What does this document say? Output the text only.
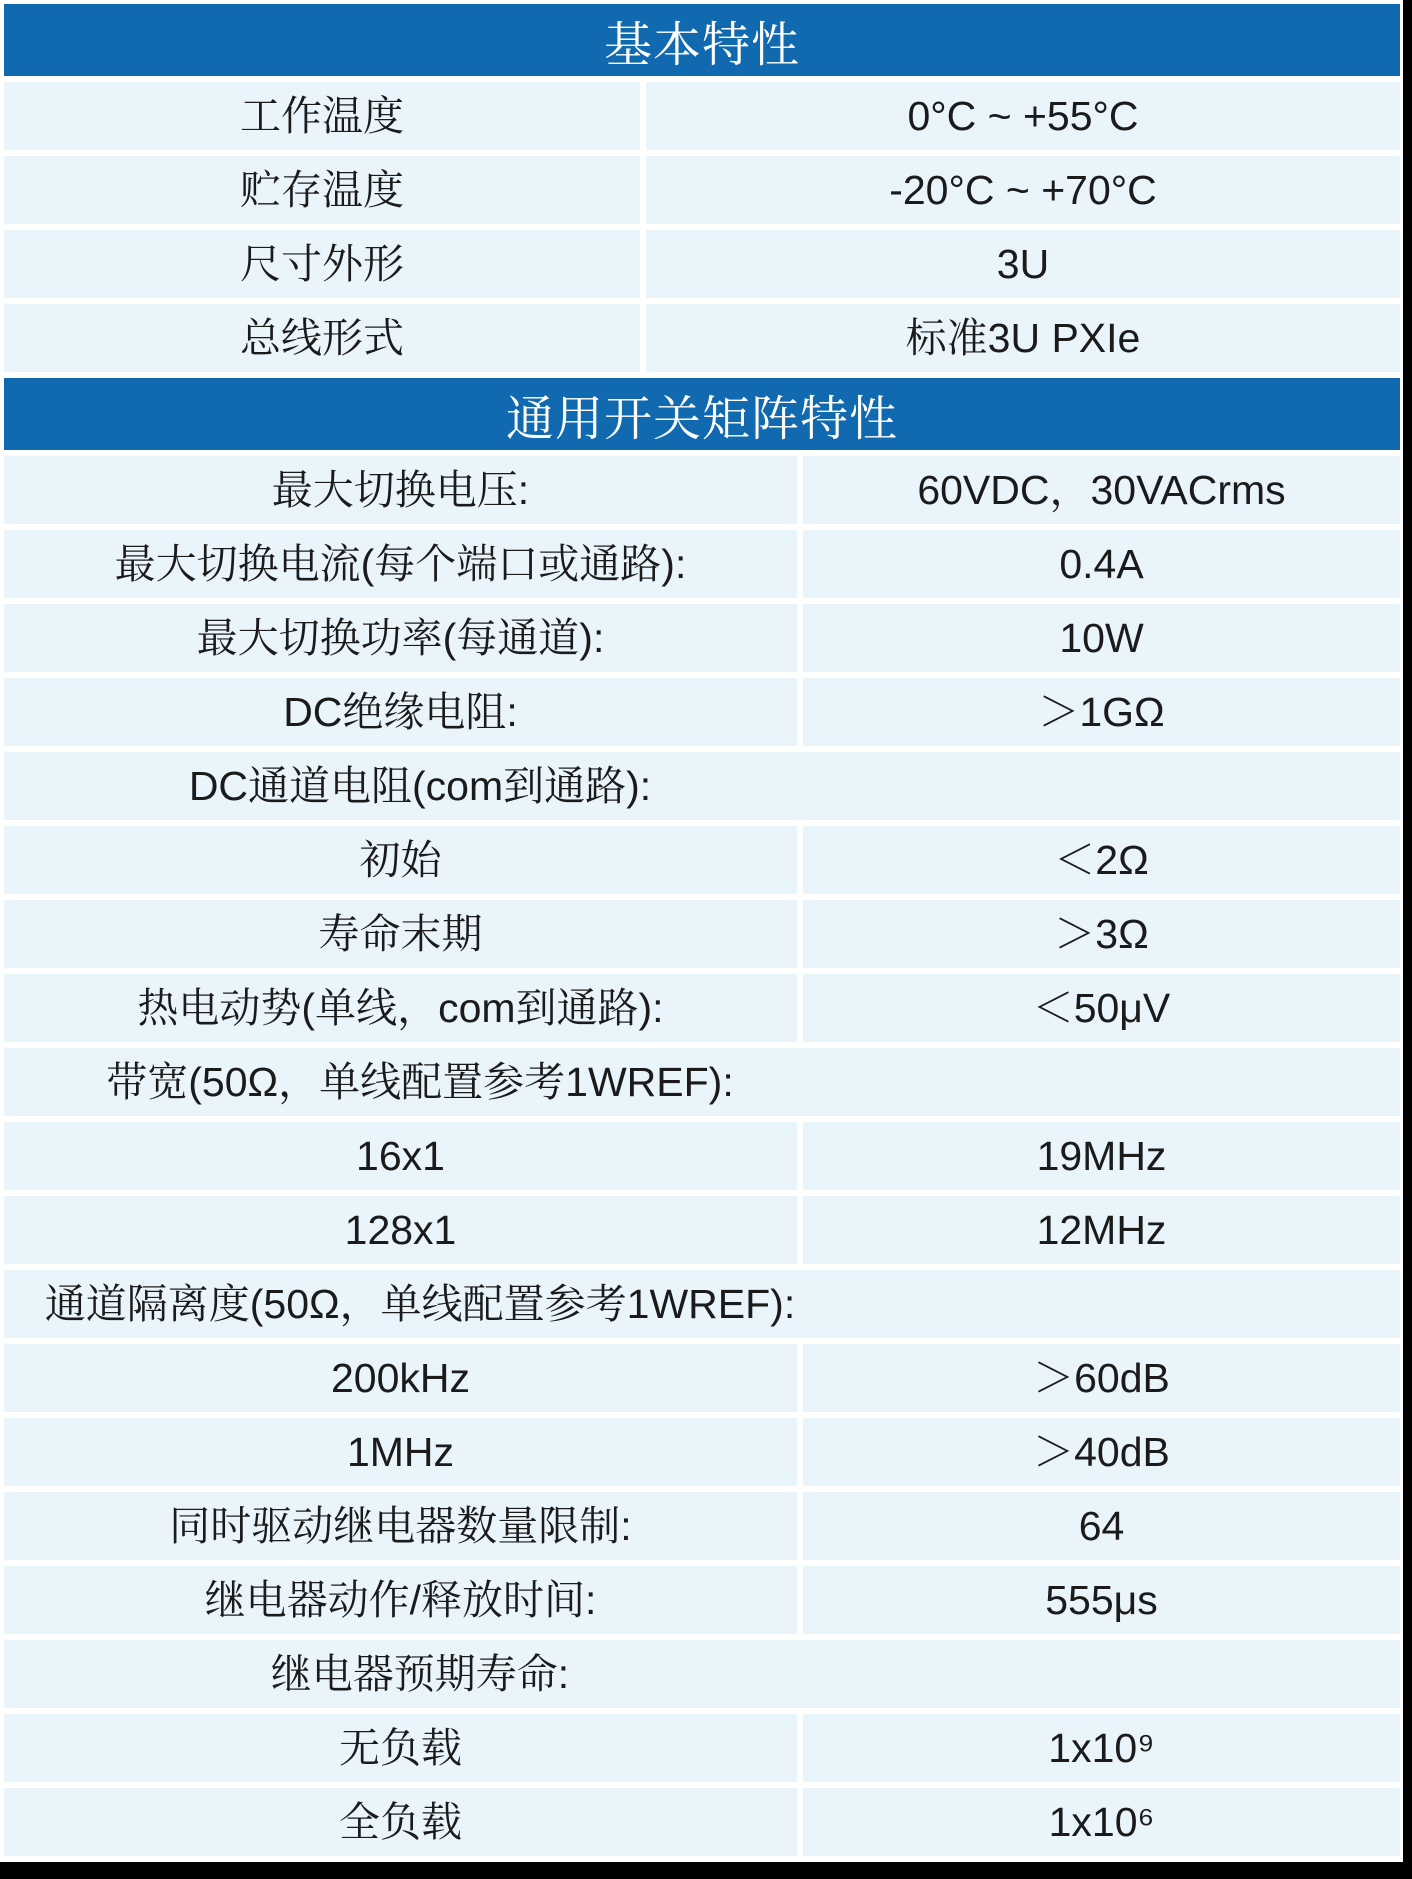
基本特性
工作温度	0°C ~ +55°C
贮存温度	-20°C ~ +70°C
尺寸外形	3U
总线形式	标准3U PXIe
通用开关矩阵特性
最大切换电压:	60VDC，30VACrms
最大切换电流(每个端口或通路):	0.4A
最大切换功率(每通道):	10W
DC绝缘电阻:	＞1GΩ
DC通道电阻(com到通路):
初始	＜2Ω
寿命末期	＞3Ω
热电动势(单线，com到通路):	＜50μV
带宽(50Ω，单线配置参考1WREF):
16x1	19MHz
128x1	12MHz
通道隔离度(50Ω，单线配置参考1WREF):
200kHz	＞60dB
1MHz	＞40dB
同时驱动继电器数量限制:	64
继电器动作/释放时间:	555μs
继电器预期寿命:
无负载	1x10⁹
全负载	1x10⁶
